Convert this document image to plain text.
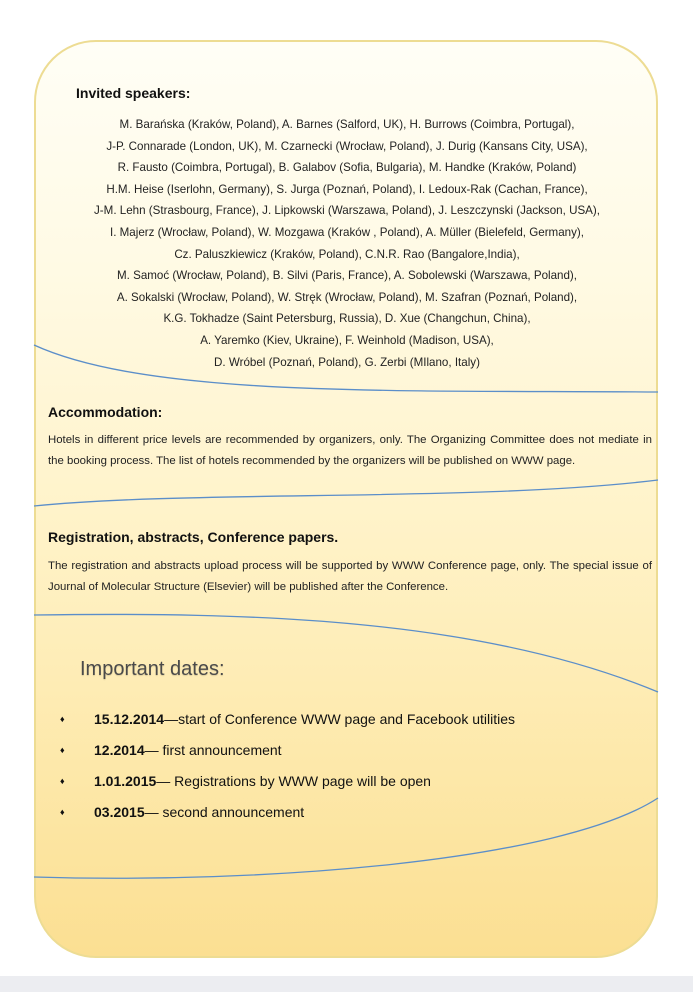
Invited speakers:
M. Barańska (Kraków, Poland), A. Barnes (Salford, UK), H. Burrows (Coimbra, Portugal),
J-P. Connarade (London, UK), M. Czarnecki (Wrocław, Poland), J. Durig (Kansans City, USA),
R. Fausto (Coimbra, Portugal), B. Galabov (Sofia, Bulgaria), M. Handke (Kraków, Poland)
H.M. Heise (Iserlohn, Germany), S. Jurga (Poznań, Poland), I. Ledoux-Rak (Cachan, France),
J-M. Lehn (Strasbourg, France), J. Lipkowski (Warszawa, Poland), J. Leszczynski (Jackson, USA),
I. Majerz (Wrocław, Poland), W. Mozgawa (Kraków , Poland), A. Müller (Bielefeld, Germany),
Cz. Paluszkiewicz (Kraków, Poland), C.N.R. Rao (Bangalore,India),
M. Samoć (Wrocław, Poland), B. Silvi (Paris, France), A. Sobolewski (Warszawa, Poland),
A. Sokalski (Wrocław, Poland), W. Stręk (Wrocław, Poland), M. Szafran (Poznań, Poland),
K.G. Tokhadze (Saint Petersburg, Russia), D. Xue (Changchun, China),
A. Yaremko (Kiev, Ukraine), F. Weinhold (Madison, USA),
D. Wróbel (Poznań, Poland), G. Zerbi (MIlano, Italy)
Accommodation:

Hotels in different price levels are recommended by organizers, only. The Organizing Committee does not mediate in the booking process. The list of hotels recommended by the organizers will be published on WWW page.

Registration, abstracts, Conference papers.

The registration and abstracts upload process will be supported by WWW Conference page, only. The special issue of Journal of Molecular Structure (Elsevier) will be published after the Conference.

Important dates:
♦ 15.12.2014—start of Conference WWW page and Facebook utilities
♦ 12.2014— first announcement
♦ 1.01.2015— Registrations by WWW page will be open
♦ 03.2015— second announcement
